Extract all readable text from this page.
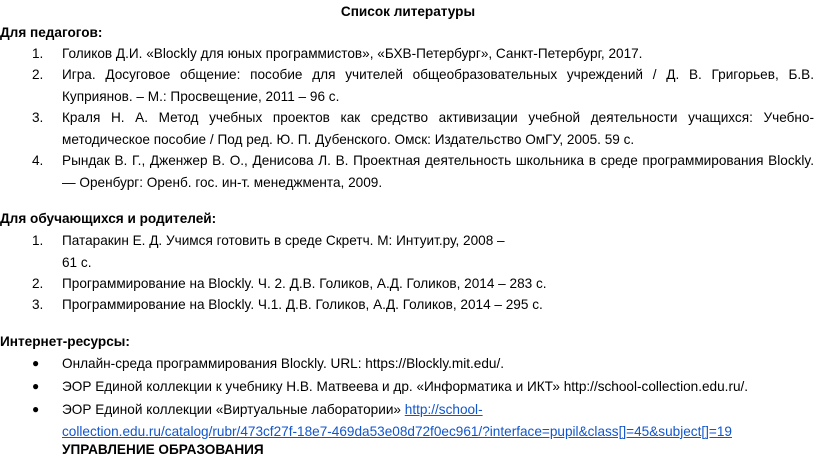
Список литературы
Для педагогов:
1.	Голиков Д.И. «Blockly для юных программистов», «БХВ-Петербург», Санкт-Петербург, 2017.
2.	Игра. Досуговое общение: пособие для учителей общеобразовательных учреждений / Д. В. Григорьев, Б.В. Куприянов. – М.: Просвещение, 2011 – 96 с.
3.	Краля Н. А. Метод учебных проектов как средство активизации учебной деятельности учащихся: Учебно-методическое пособие / Под ред. Ю. П. Дубенского. Омск: Издательство ОмГУ, 2005. 59 с.
4.	Рындак В. Г., Дженжер В. О., Денисова Л. В. Проектная деятельность школьника в среде программирования Blockly. — Оренбург: Оренб. гос. ин-т. менеджмента, 2009.
Для обучающихся и родителей:
1.	Патаракин Е. Д. Учимся готовить в среде Скретч. М: Интуит.ру, 2008 –
61 с.
2.	Программирование на Blockly. Ч. 2. Д.В. Голиков, А.Д. Голиков, 2014 – 283 с.
3.	Программирование на Blockly. Ч.1. Д.В. Голиков, А.Д. Голиков, 2014 – 295 с.
Интернет-ресурсы:
●	Онлайн-среда программирования Blockly. URL: https://Blockly.mit.edu/.
●	ЭОР Единой коллекции к учебнику Н.В. Матвеева и др. «Информатика и ИКТ» http://school-collection.edu.ru/.
●	ЭОР Единой коллекции «Виртуальные лаборатории» http://school-
collection.edu.ru/catalog/rubr/473cf27f-18e7-469da53e08d72f0ec961/?interface=pupil&class[]=45&subject[]=19
УПРАВЛЕНИЕ ОБРАЗОВАНИЯ
